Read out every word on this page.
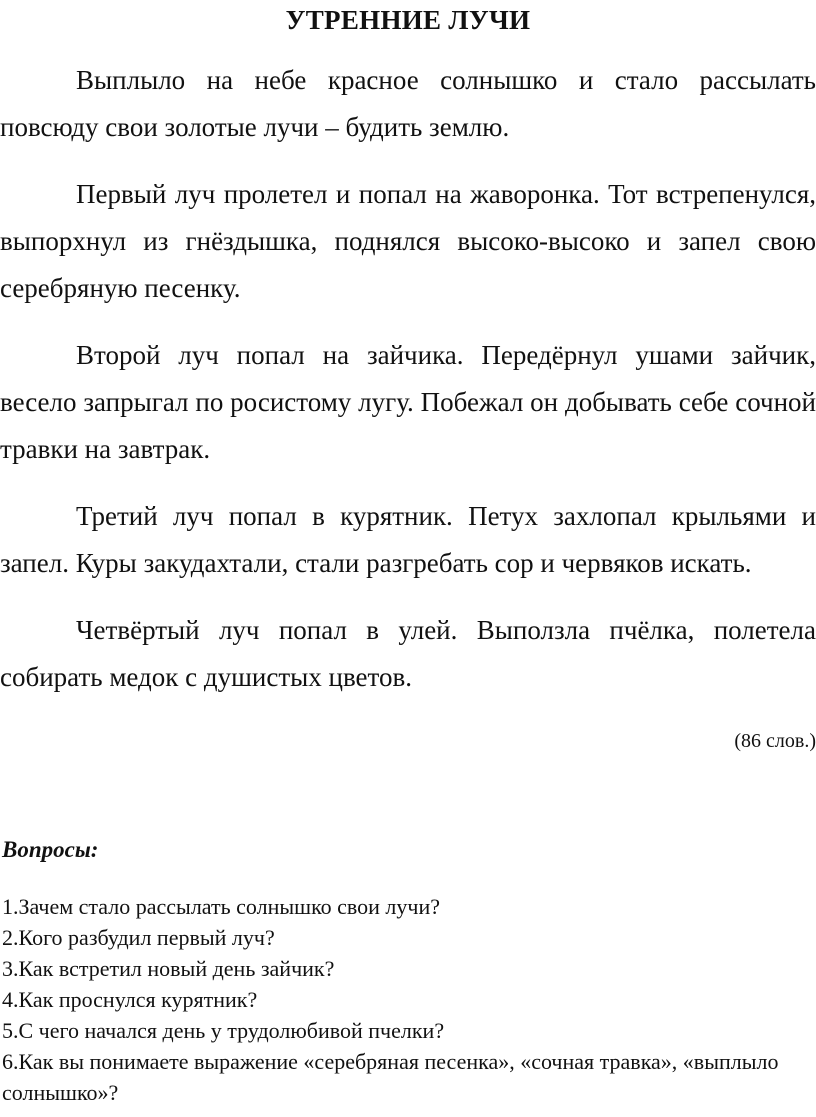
УТРЕННИЕ ЛУЧИ

Выплыло на небе красное солнышко и стало рассылать повсюду свои золотые лучи – будить землю.

Первый луч пролетел и попал на жаворонка. Тот встрепенулся, выпорхнул из гнёздышка, поднялся высоко-высоко и запел свою серебряную песенку.

Второй луч попал на зайчика. Передёрнул ушами зайчик, весело запрыгал по росистому лугу. Побежал он добывать себе сочной травки на завтрак.

Третий луч попал в курятник. Петух захлопал крыльями и запел. Куры закудахтали, стали разгребать сор и червяков искать.

Четвёртый луч попал в улей. Выползла пчёлка, полетела собирать медок с душистых цветов.

(86 слов.)
Вопросы:
1.Зачем стало рассылать солнышко свои лучи?
2.Кого разбудил первый луч?
3.Как встретил новый день зайчик?
4.Как проснулся курятник?
5.С чего начался день у трудолюбивой пчелки?
6.Как вы понимаете выражение «серебряная песенка», «сочная травка», «выплыло солнышко»?
